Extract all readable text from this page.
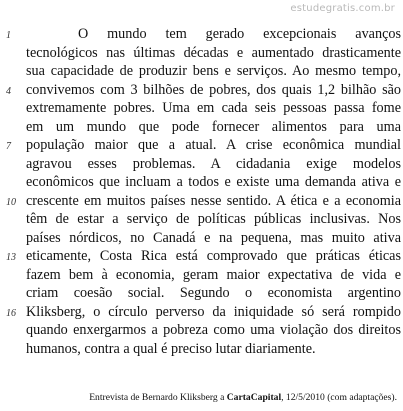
estudegratis.com.br
1	O mundo tem gerado excepcionais avanços
tecnológicos nas últimas décadas e aumentado drasticamente
sua capacidade de produzir bens e serviços. Ao mesmo tempo,
4	convivemos com 3 bilhões de pobres, dos quais 1,2 bilhão são
extremamente pobres. Uma em cada seis pessoas passa fome
em um mundo que pode fornecer alimentos para uma
7	população maior que a atual. A crise econômica mundial
agravou esses problemas. A cidadania exige modelos
econômicos que incluam a todos e existe uma demanda ativa e
10 crescente em muitos países nesse sentido. A ética e a economia
têm de estar a serviço de políticas públicas inclusivas. Nos
países nórdicos, no Canadá e na pequena, mas muito ativa
13 eticamente, Costa Rica está comprovado que práticas éticas
fazem bem à economia, geram maior expectativa de vida e
criam coesão social. Segundo o economista argentino
16 Kliksberg, o círculo perverso da iniquidade só será rompido
quando enxergarmos a pobreza como uma violação dos direitos
humanos, contra a qual é preciso lutar diariamente.
Entrevista de Bernardo Kliksberg a CartaCapital, 12/5/2010 (com adaptações).
